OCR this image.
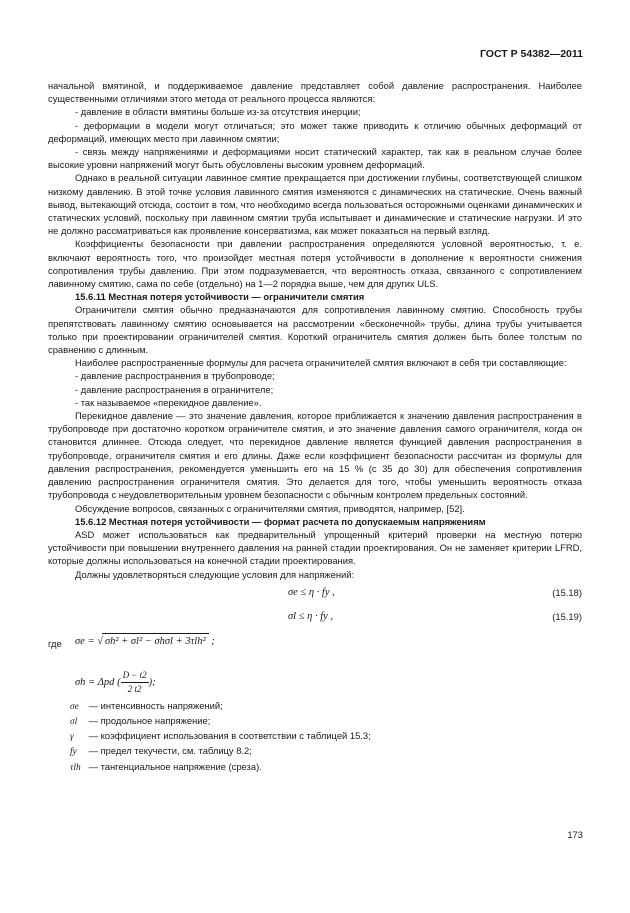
ГОСТ Р 54382—2011

начальной вмятиной, и поддерживаемое давление представляет собой давление распространения. Наиболее существенными отличиями этого метода от реального процесса являются:

- давление в области вмятины больше из-за отсутствия инерции;

- деформации в модели могут отличаться; это может также приводить к отличию обычных деформаций от деформаций, имеющих место при лавинном смятии;

- связь между напряжениями и деформациями носит статический характер, так как в реальном случае более высокие уровни напряжений могут быть обусловлены высоким уровнем деформаций.

Однако в реальной ситуации лавинное смятие прекращается при достижении глубины, соответствующей слишком низкому давлению. В этой точке условия лавинного смятия изменяются с динамических на статические. Очень важный вывод, вытекающий отсюда, состоит в том, что необходимо всегда пользоваться осторожными оценками динамических и статических условий, поскольку при лавинном смятии труба испытывает и динамические и статические нагрузки. И это не должно рассматриваться как проявление консерватизма, как может показаться на первый взгляд.

Коэффициенты безопасности при давлении распространения определяются условной вероятностью, т. е. включают вероятность того, что произойдет местная потеря устойчивости в дополнение к вероятности снижения сопротивления трубы давлению. При этом подразумевается, что вероятность отказа, связанного с сопротивлением лавинному смятию, сама по себе (отдельно) на 1—2 порядка выше, чем для других ULS.

15.6.11 Местная потеря устойчивости — ограничители смятия

Ограничители смятия обычно предназначаются для сопротивления лавинному смятию. Способность трубы препятствовать лавинному смятию основывается на рассмотрении «бесконечной» трубы, длина трубы учитывается только при проектировании ограничителей смятия. Короткий ограничитель смятия должен быть более толстым по сравнению с длинным.

Наиболее распространенные формулы для расчета ограничителей смятия включают в себя три составляющие:

- давление распространения в трубопроводе;

- давление распространения в ограничителе;

- так называемое «перекидное давление».

Перекидное давление — это значение давления, которое приближается к значению давления распространения в трубопроводе при достаточно коротком ограничителе смятия, и это значение давления самого ограничителя, когда он становится длиннее. Отсюда следует, что перекидное давление является функцией давления распространения в трубопроводе, ограничителя смятия и его длины. Даже если коэффициент безопасности рассчитан из формулы для давления распространения, рекомендуется уменьшить его на 15 % (с 35 до 30) для обеспечения сопротивления давлению распространения ограничителя смятия. Это делается для того, чтобы уменьшить вероятность отказа трубопровода с неудовлетворительным уровнем безопасности с обычным контролем предельных состояний.

Обсуждение вопросов, связанных с ограничителями смятия, приводятся, например, [52].

15.6.12 Местная потеря устойчивости — формат расчета по допускаемым напряжениям

ASD может использоваться как предварительный упрощенный критерий проверки на местную потерю устойчивости при повышении внутреннего давления на ранней стадии проектирования. Он не заменяет критерии LFRD, которые должны использоваться на конечной стадии проектирования.

Должны удовлетворяться следующие условия для напряжений:

σe ≤ η · fy ,	(15.18)
σl ≤ η · fy ,	(15.19)
где σe = √ σh² + σl² − σhσl + 3τlh² ;
σh = Δpd ( $\frac{D - t2}{2 t2}$ );
σe — интенсивность напряжений;
σl — продольное напряжение;
γ — коэффициент использования в соответствии с таблицей 15.3;
fy — предел текучести, см. таблицу 8.2;
τlh — тангенциальное напряжение (среза).
173
